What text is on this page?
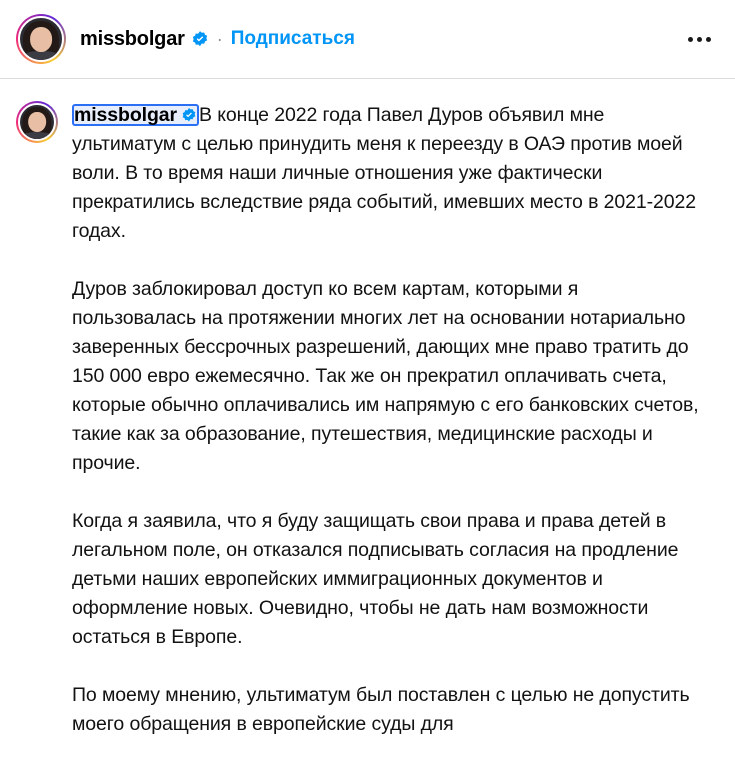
missbolgar · Подписаться

missbolgar В конце 2022 года Павел Дуров объявил мне ультиматум с целью принудить меня к переезду в ОАЭ против моей воли. В то время наши личные отношения уже фактически прекратились вследствие ряда событий, имевших место в 2021-2022 годах.

Дуров заблокировал доступ ко всем картам, которыми я пользовалась на протяжении многих лет на основании нотариально заверенных бессрочных разрешений, дающих мне право тратить до 150 000 евро ежемесячно. Так же он прекратил оплачивать счета, которые обычно оплачивались им напрямую с его банковских счетов, такие как за образование, путешествия, медицинские расходы и прочие.

Когда я заявила, что я буду защищать свои права и права детей в легальном поле, он отказался подписывать согласия на продление детьми наших европейских иммиграционных документов и оформление новых. Очевидно, чтобы не дать нам возможности остаться в Европе.

По моему мнению, ультиматум был поставлен с целью не допустить моего обращения в европейские суды для
